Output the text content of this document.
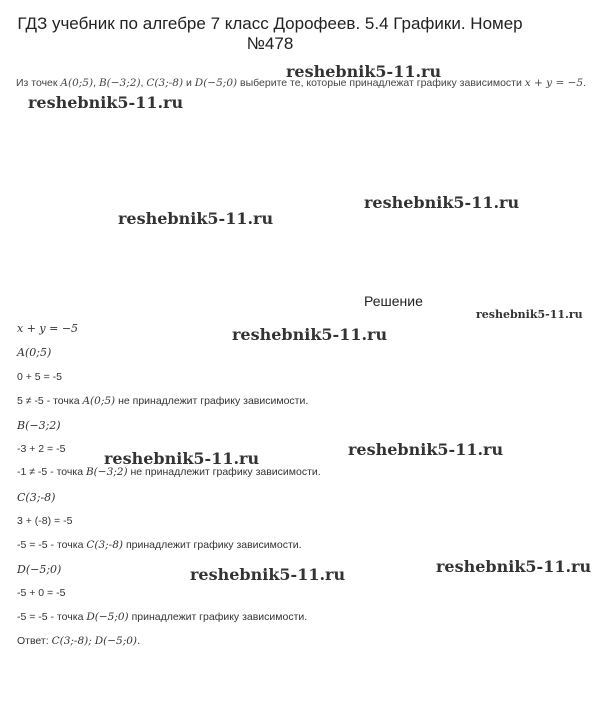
ГДЗ учебник по алгебре 7 класс Дорофеев. 5.4 Графики. Номер
№478
Из точек A(0;5), B(−3;2), C(3;-8) и D(−5;0) выберите те, которые принадлежат графику зависимости x + y = −5.
reshebnik5-11.ru
reshebnik5-11.ru
reshebnik5-11.ru
reshebnik5-11.ru
reshebnik5-11.ru
reshebnik5-11.ru
reshebnik5-11.ru
reshebnik5-11.ru
reshebnik5-11.ru
reshebnik5-11.ru
Решение
x + y = −5
A(0;5)
0 + 5 = -5
5 ≠ -5 - точка A(0;5) не принадлежит графику зависимости.
B(−3;2)
-3 + 2 = -5
-1 ≠ -5 - точка B(−3;2) не принадлежит графику зависимости.
C(3;-8)
3 + (-8) = -5
-5 = -5 - точка C(3;-8) принадлежит графику зависимости.
D(−5;0)
-5 + 0 = -5
-5 = -5 - точка D(−5;0) принадлежит графику зависимости.
Ответ: C(3;-8); D(−5;0).
